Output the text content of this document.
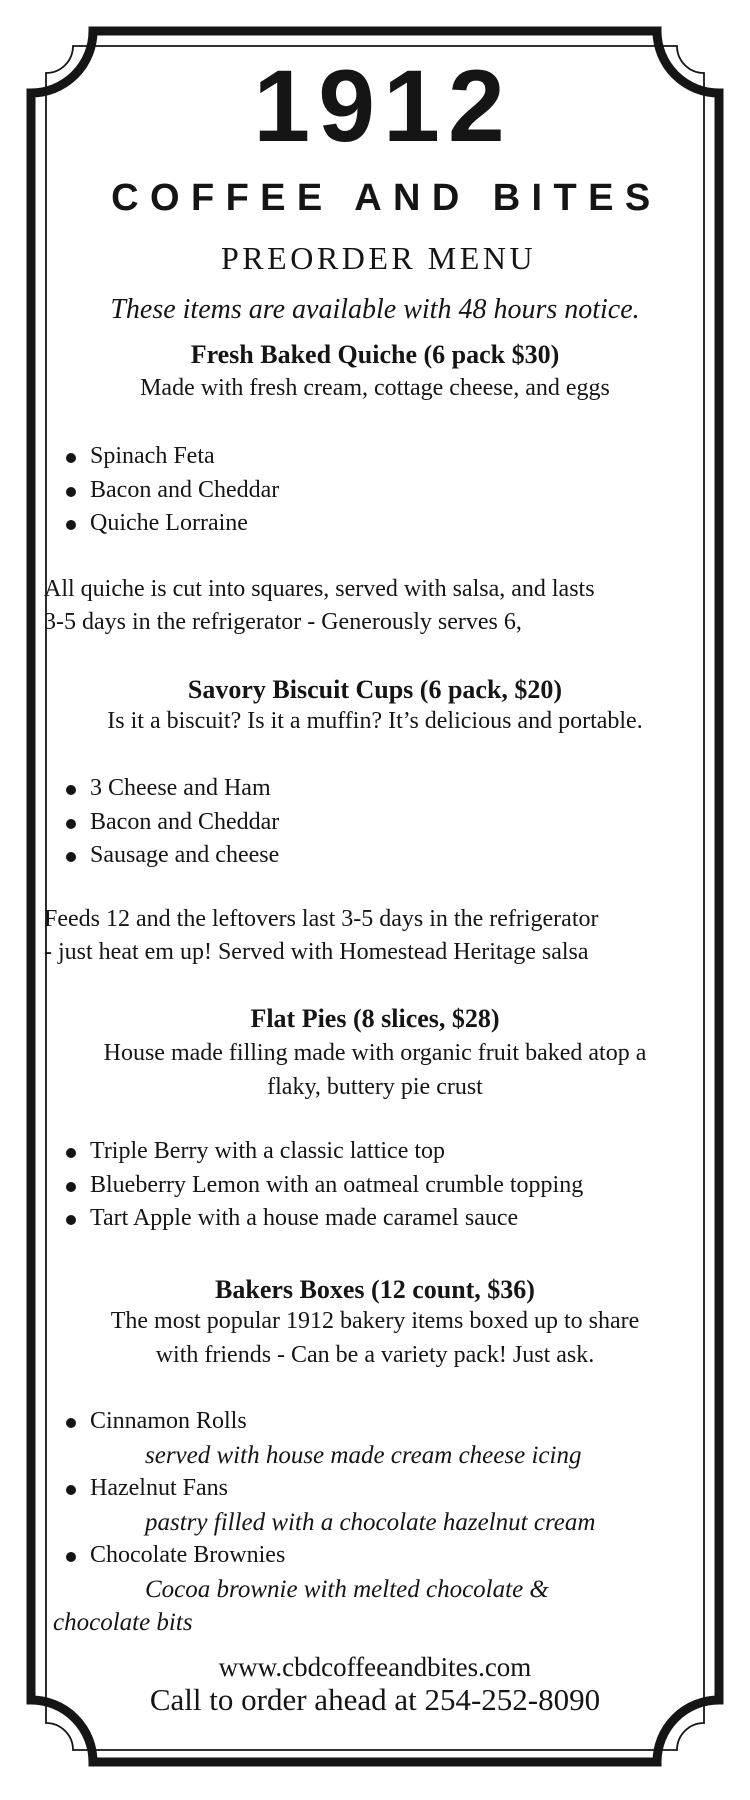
1912
COFFEE AND BITES
PREORDER MENU
These items are available with 48 hours notice.
Fresh Baked Quiche (6 pack $30)
Made with fresh cream, cottage cheese, and eggs
Spinach Feta
Bacon and Cheddar
Quiche Lorraine
All quiche is cut into squares, served with salsa, and lasts
3-5 days in the refrigerator - Generously serves 6,
Savory Biscuit Cups (6 pack, $20)
Is it a biscuit? Is it a muffin? It’s delicious and portable.
3 Cheese and Ham
Bacon and Cheddar
Sausage and cheese
Feeds 12 and the leftovers last 3-5 days in the refrigerator
- just heat em up! Served with Homestead Heritage salsa
Flat Pies (8 slices, $28)
House made filling made with organic fruit baked atop a
flaky, buttery pie crust
Triple Berry with a classic lattice top
Blueberry Lemon with an oatmeal crumble topping
Tart Apple with a house made caramel sauce
Bakers Boxes (12 count, $36)
The most popular 1912 bakery items boxed up to share
with friends - Can be a variety pack! Just ask.
Cinnamon Rolls
served with house made cream cheese icing
Hazelnut Fans
pastry filled with a chocolate hazelnut cream
Chocolate Brownies
Cocoa brownie with melted chocolate &
chocolate bits
www.cbdcoffeeandbites.com
Call to order ahead at 254-252-8090
